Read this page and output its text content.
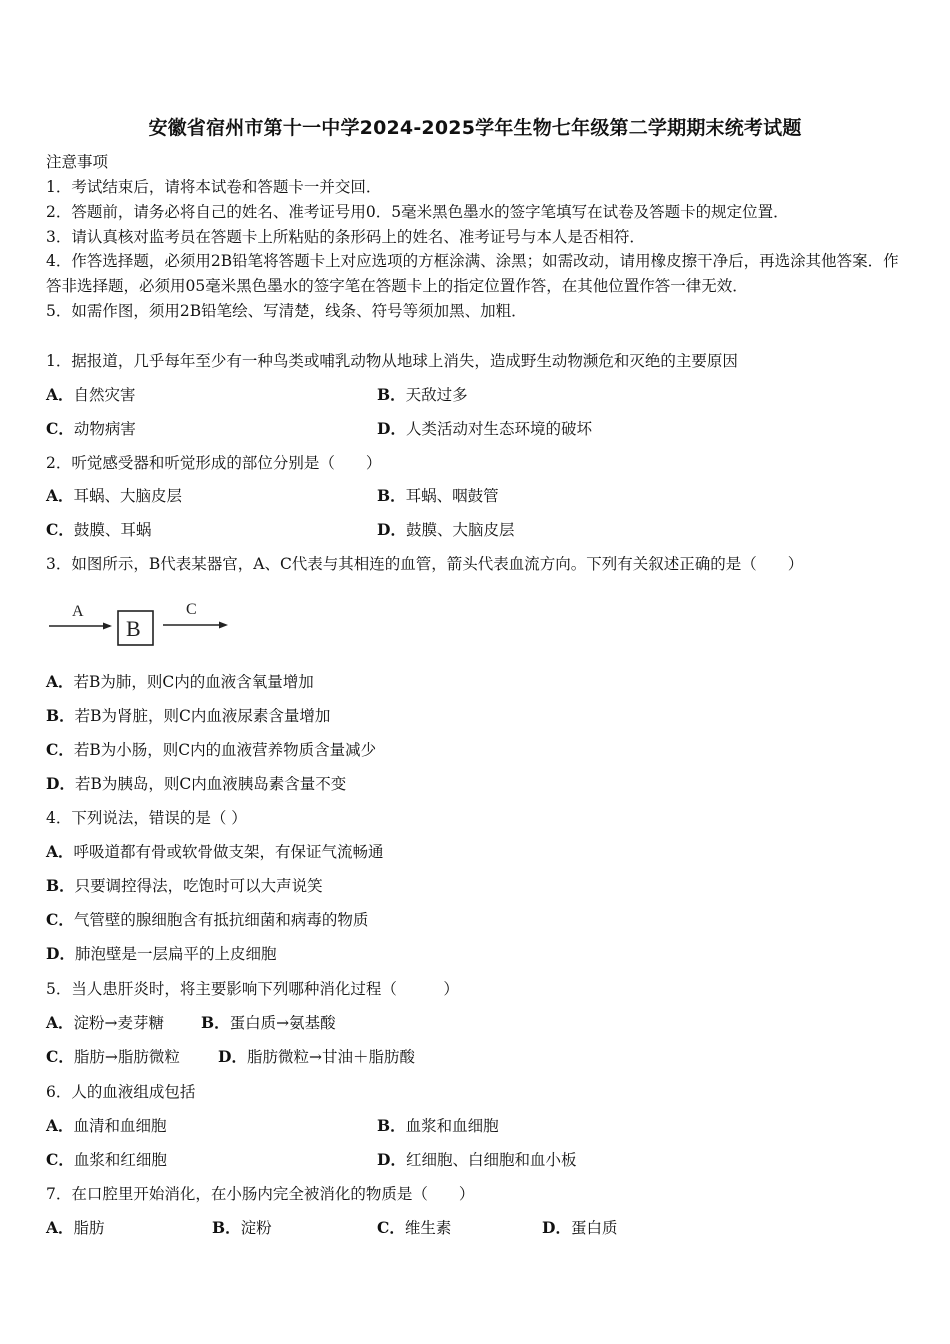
安徽省宿州市第十一中学2024-2025学年生物七年级第二学期期末统考试题
注意事项
1．考试结束后，请将本试卷和答题卡一并交回．
2．答题前，请务必将自己的姓名、准考证号用0．5毫米黑色墨水的签字笔填写在试卷及答题卡的规定位置．
3．请认真核对监考员在答题卡上所粘贴的条形码上的姓名、准考证号与本人是否相符．
4．作答选择题，必须用2B铅笔将答题卡上对应选项的方框涂满、涂黑；如需改动，请用橡皮擦干净后，再选涂其他答案．作答非选择题，必须用05毫米黑色墨水的签字笔在答题卡上的指定位置作答，在其他位置作答一律无效．
5．如需作图，须用2B铅笔绘、写清楚，线条、符号等须加黑、加粗．
1．据报道，几乎每年至少有一种鸟类或哺乳动物从地球上消失，造成野生动物濒危和灭绝的主要原因
A．自然灾害	B．天敌过多
C．动物病害	D．人类活动对生态环境的破坏
2．听觉感受器和听觉形成的部位分别是（　　）
A．耳蜗、大脑皮层	B．耳蜗、咽鼓管
C．鼓膜、耳蜗	D．鼓膜、大脑皮层
3．如图所示，B代表某器官，A、C代表与其相连的血管，箭头代表血流方向。下列有关叙述正确的是（　　）
A
B
C
A．若B为肺，则C内的血液含氧量增加
B．若B为肾脏，则C内血液尿素含量增加
C．若B为小肠，则C内的血液营养物质含量减少
D．若B为胰岛，则C内血液胰岛素含量不变
4．下列说法，错误的是（ ）
A．呼吸道都有骨或软骨做支架，有保证气流畅通
B．只要调控得法，吃饱时可以大声说笑
C．气管壁的腺细胞含有抵抗细菌和病毒的物质
D．肺泡壁是一层扁平的上皮细胞
5．当人患肝炎时，将主要影响下列哪种消化过程（　　　）
A．淀粉→麦芽糖 B．蛋白质→氨基酸
C．脂肪→脂肪微粒 D．脂肪微粒→甘油＋脂肪酸
6．人的血液组成包括
A．血清和血细胞	B．血浆和血细胞
C．血浆和红细胞	D．红细胞、白细胞和血小板
7．在口腔里开始消化，在小肠内完全被消化的物质是（　　）
A．脂肪	B．淀粉	C．维生素	D．蛋白质
